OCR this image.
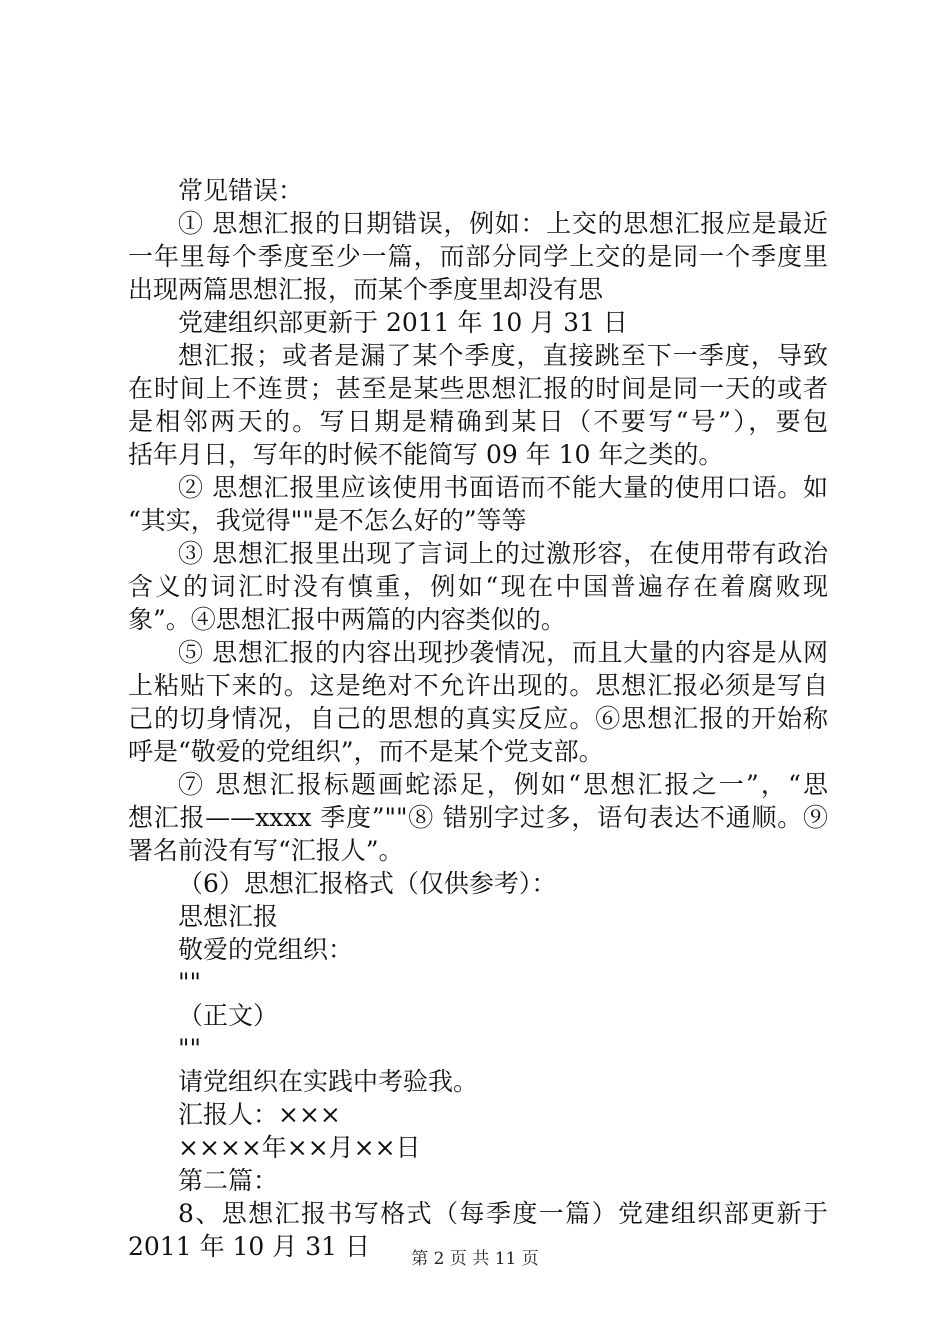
常见错误：
① 思想汇报的日期错误，例如：上交的思想汇报应是最近
一年里每个季度至少一篇，而部分同学上交的是同一个季度里
出现两篇思想汇报，而某个季度里却没有思
党建组织部更新于 2011 年 10 月 31 日
想汇报；或者是漏了某个季度，直接跳至下一季度，导致
在时间上不连贯；甚至是某些思想汇报的时间是同一天的或者
是相邻两天的。写日期是精确到某日（不要写“号”），要包
括年月日，写年的时候不能简写 09 年 10 年之类的。
② 思想汇报里应该使用书面语而不能大量的使用口语。如
“其实，我觉得""是不怎么好的”等等
③ 思想汇报里出现了言词上的过激形容，在使用带有政治
含义的词汇时没有慎重，例如“现在中国普遍存在着腐败现
象”。④思想汇报中两篇的内容类似的。
⑤ 思想汇报的内容出现抄袭情况，而且大量的内容是从网
上粘贴下来的。这是绝对不允许出现的。思想汇报必须是写自
己的切身情况，自己的思想的真实反应。⑥思想汇报的开始称
呼是“敬爱的党组织”，而不是某个党支部。
⑦ 思想汇报标题画蛇添足，例如“思想汇报之一”，“思
想汇报——xxxx 季度”""⑧ 错别字过多，语句表达不通顺。⑨
署名前没有写“汇报人”。
（6）思想汇报格式（仅供参考）：
思想汇报
敬爱的党组织：
""
（正文）
""
请党组织在实践中考验我。
汇报人：×××
××××年××月××日
第二篇：
8、思想汇报书写格式（每季度一篇）党建组织部更新于
2011 年 10 月 31 日	第 2 页 共 11 页
